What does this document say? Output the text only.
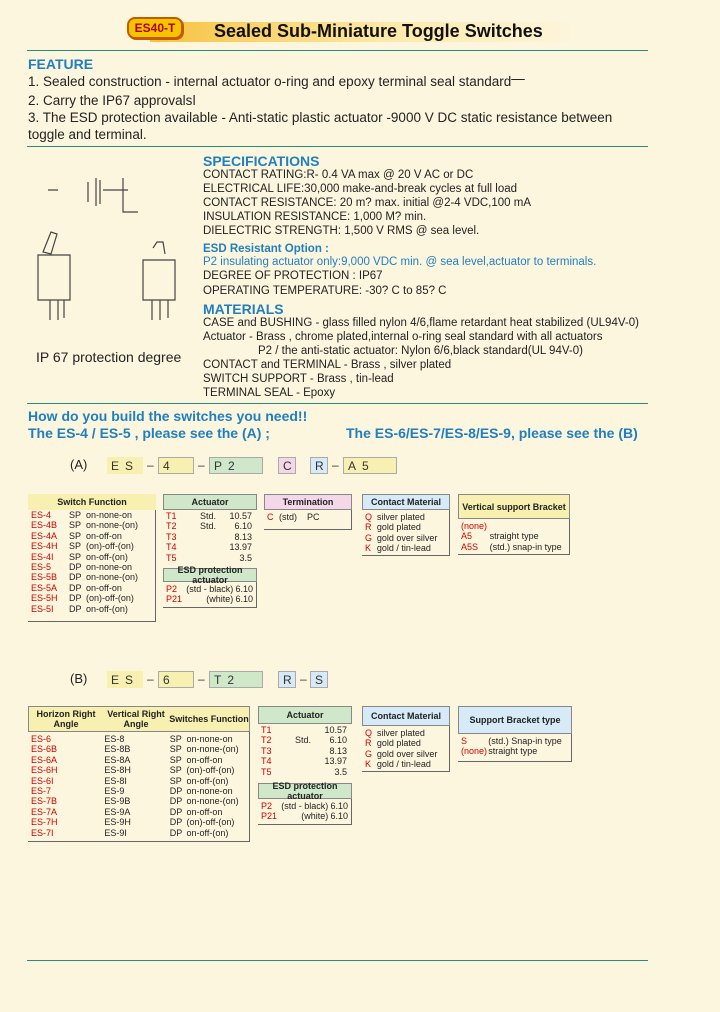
ES40-T	Sealed Sub-Miniature Toggle Switches
FEATURE
1. Sealed construction - internal actuator o-ring and epoxy terminal seal standard⎻
2. Carry the IP67 approvalsǀ
3. The ESD protection available - Anti-static plastic actuator -9000 V DC static resistance between
toggle and terminal.
IP 67 protection degree
SPECIFICATIONS
CONTACT RATING:R- 0.4 VA max @ 20 V AC or DC
ELECTRICAL LIFE:30,000 make-and-break cycles at full load
CONTACT RESISTANCE: 20 m? max. initial @2-4 VDC,100 mA
INSULATION RESISTANCE: 1,000 M? min.
DIELECTRIC STRENGTH: 1,500 V RMS @ sea level.
ESD Resistant Option :
P2 insulating actuator only:9,000 VDC min. @ sea level,actuator to terminals.
DEGREE OF PROTECTION : IP67
OPERATING TEMPERATURE: -30? C to 85? C
MATERIALS
CASE and BUSHING - glass filled nylon 4/6,flame retardant heat stabilized (UL94V-0)
Actuator - Brass , chrome plated,internal o-ring seal standard with all actuators
P2 / the anti-static actuator: Nylon 6/6,black standard(UL 94V-0)
CONTACT and TERMINAL - Brass , silver plated
SWITCH SUPPORT - Brass , tin-lead
TERMINAL SEAL - Epoxy
How do you build the switches you need!!
The ES-4 / ES-5 , please see the (A) ;	The ES-6/ES-7/ES-8/ES-9, please see the (B)
(A)	ES – 4	– P2	C	R – A5
Switch Function
ES-4	SP on-none-on
ES-4B	SP on-none-(on)
ES-4A	SP on-off-on
ES-4H	SP (on)-off-(on)
ES-4I	SP on-off-(on)
ES-5	DP on-none-on
ES-5B	DP on-none-(on)
ES-5A	DP on-off-on
ES-5H	DP (on)-off-(on)
ES-5I	DP on-off-(on)
Actuator
T1	Std.	10.57
T2	Std.	6.10
T3	8.13
T4	13.97
T5	3.5
ESD protection actuator
P2	(std - black) 6.10
P21	(white) 6.10
Termination
C (std)	PC
Contact Material
Q silver plated
R gold plated
G gold over silver
K gold / tin-lead
Vertical support Bracket
(none)
A5	straight type
A5S	(std.) snap-in type
(B)	ES – 6	– T2	R – S
Horizon Right Angle
Vertical Right Angle	Switches Function
ES-6	ES-8	SP on-none-on
ES-6B	ES-8B	SP on-none-(on)
ES-6A	ES-8A	SP on-off-on
ES-6H	ES-8H	SP (on)-off-(on)
ES-6I	ES-8I	SP on-off-(on)
ES-7	ES-9	DP on-none-on
ES-7B	ES-9B	DP on-none-(on)
ES-7A	ES-9A	DP on-off-on
ES-7H	ES-9H	DP (on)-off-(on)
ES-7I	ES-9I	DP on-off-(on)
Actuator
T1	10.57
T2	Std.	6.10
T3	8.13
T4	13.97
T5	3.5
ESD protection actuator
P2	(std - black) 6.10
P21	(white) 6.10
Contact Material
Q silver plated
R gold plated
G gold over silver
K gold / tin-lead
Support Bracket type
S	(std.) Snap-in type
(none) straight type
